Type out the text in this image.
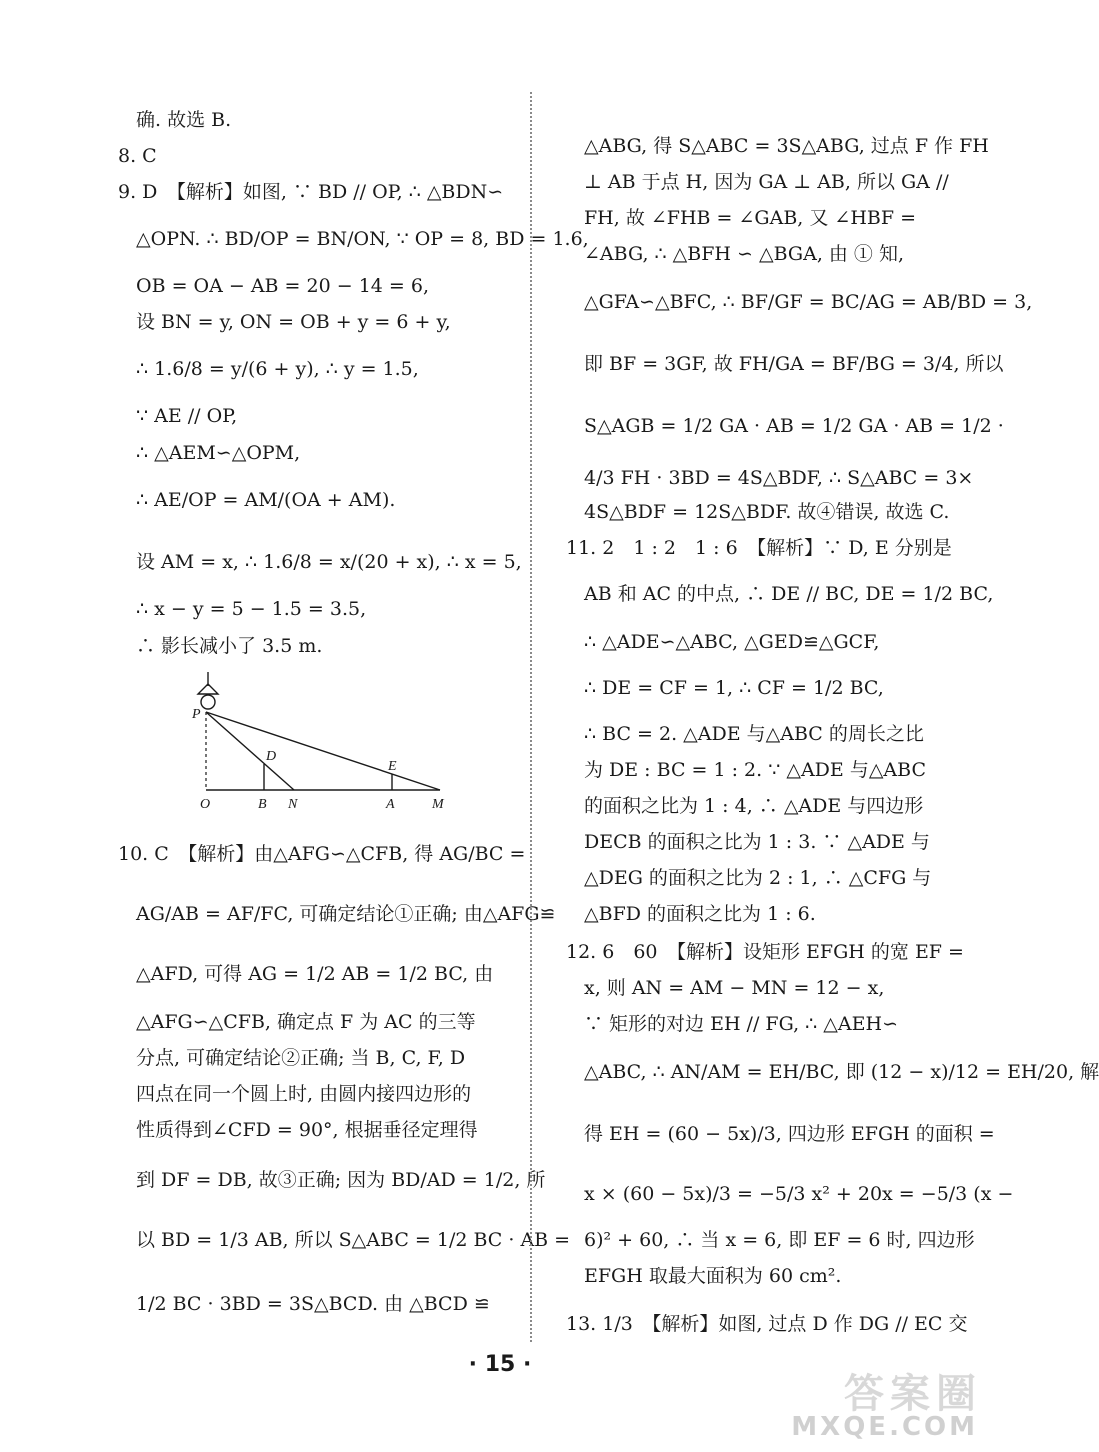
确. 故选 B.
8. C
9. D　【解析】如图, ∵ BD // OP, ∴ △BDN∽
△OPN. ∴ BD/OP = BN/ON, ∵ OP = 8, BD = 1.6,
OB = OA − AB = 20 − 14 = 6,
设 BN = y, ON = OB + y = 6 + y,
∴ 1.6/8 = y/(6 + y), ∴ y = 1.5,
∵ AE // OP,
∴ △AEM∽△OPM,
∴ AE/OP = AM/(OA + AM).
设 AM = x, ∴ 1.6/8 = x/(20 + x), ∴ x = 5,
∴ x − y = 5 − 1.5 = 3.5,
∴ 影长减小了 3.5 m.
10. C　【解析】由△AFG∽△CFB, 得 AG/BC =
AG/AB = AF/FC, 可确定结论①正确; 由△AFG≌
△AFD, 可得 AG = 1/2 AB = 1/2 BC, 由
△AFG∽△CFB, 确定点 F 为 AC 的三等
分点, 可确定结论②正确; 当 B, C, F, D
四点在同一个圆上时, 由圆内接四边形的
性质得到∠CFD = 90°, 根据垂径定理得
到 DF = DB, 故③正确; 因为 BD/AD = 1/2, 所
以 BD = 1/3 AB, 所以 S△ABC = 1/2 BC · AB =
1/2 BC · 3BD = 3S△BCD. 由 △BCD ≌
△ABG, 得 S△ABC = 3S△ABG, 过点 F 作 FH
⊥ AB 于点 H, 因为 GA ⊥ AB, 所以 GA //
FH, 故 ∠FHB = ∠GAB, 又 ∠HBF =
∠ABG, ∴ △BFH ∽ △BGA, 由 ① 知,
△GFA∽△BFC, ∴ BF/GF = BC/AG = AB/BD = 3,
即 BF = 3GF, 故 FH/GA = BF/BG = 3/4, 所以
S△AGB = 1/2 GA · AB = 1/2 GA · AB = 1/2 ·
4/3 FH · 3BD = 4S△BDF, ∴ S△ABC = 3×
4S△BDF = 12S△BDF. 故④错误, 故选 C.
11. 2　1 : 2　1 : 6　【解析】∵ D, E 分别是
AB 和 AC 的中点, ∴ DE // BC, DE = 1/2 BC,
∴ △ADE∽△ABC, △GED≌△GCF,
∴ DE = CF = 1, ∴ CF = 1/2 BC,
∴ BC = 2. △ADE 与△ABC 的周长之比
为 DE : BC = 1 : 2. ∵ △ADE 与△ABC
的面积之比为 1 : 4, ∴ △ADE 与四边形
DECB 的面积之比为 1 : 3. ∵ △ADE 与
△DEG 的面积之比为 2 : 1, ∴ △CFG 与
△BFD 的面积之比为 1 : 6.
12. 6　60　【解析】设矩形 EFGH 的宽 EF =
x, 则 AN = AM − MN = 12 − x,
∵ 矩形的对边 EH // FG, ∴ △AEH∽
△ABC, ∴ AN/AM = EH/BC, 即 (12 − x)/12 = EH/20, 解
得 EH = (60 − 5x)/3, 四边形 EFGH 的面积 =
x × (60 − 5x)/3 = −5/3 x² + 20x = −5/3 (x −
6)² + 60, ∴ 当 x = 6, 即 EF = 6 时, 四边形
EFGH 取最大面积为 60 cm².
13. 1/3　【解析】如图, 过点 D 作 DG // EC 交
P
D
E
O	B N	A	M
· 15 ·
答案圈
MXQE.COM
